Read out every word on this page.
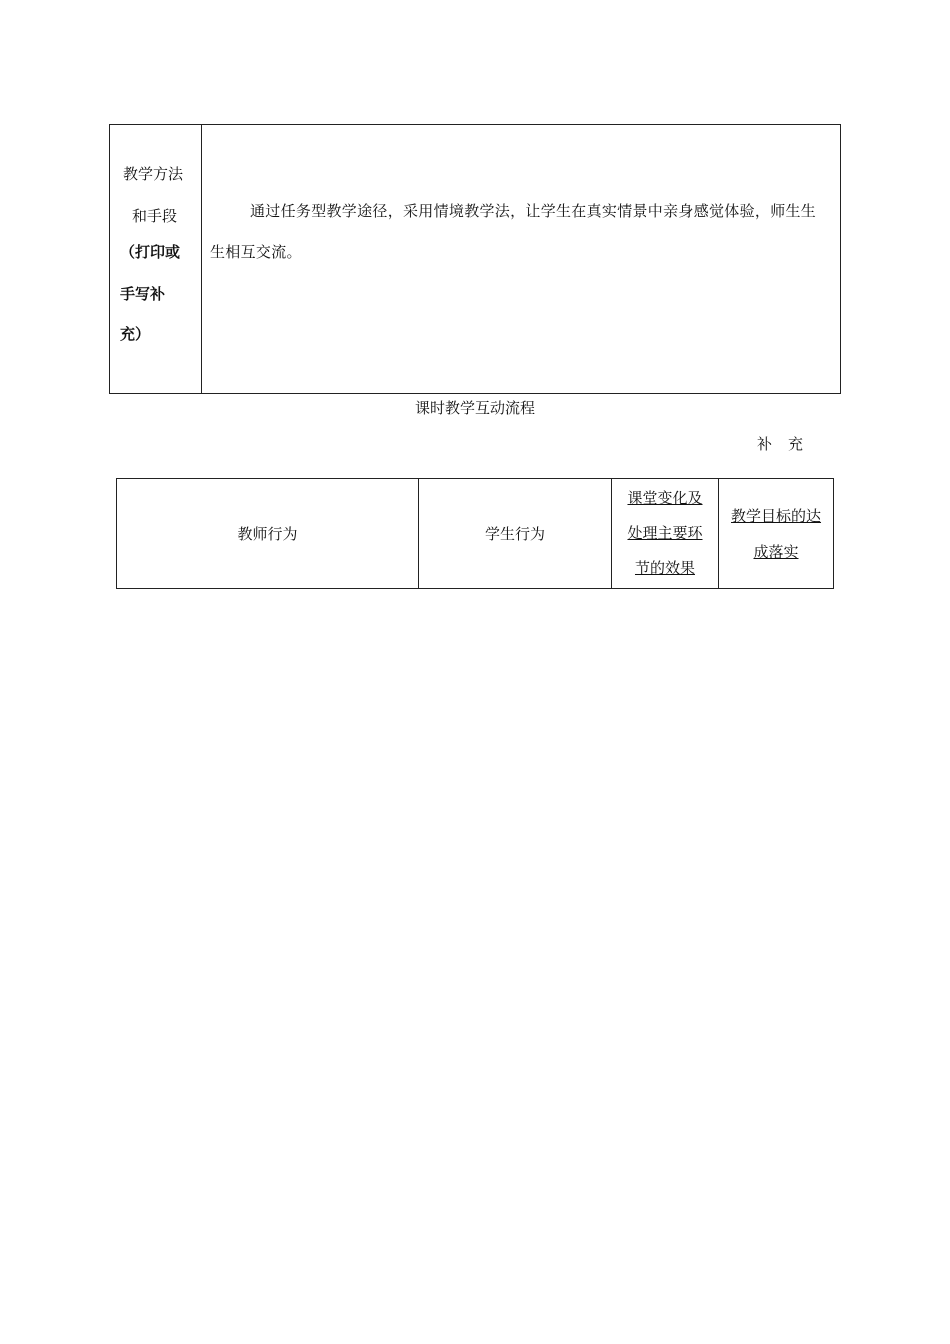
教学方法
和手段
（打印或
手写补
充）
通过任务型教学途径，采用情境教学法，让学生在真实情景中亲身感觉体验，师生生生相互交流。
课时教学互动流程
补充
教师行为	学生行为
课堂变化及处理主要环节的效果
教学目标的达成落实
